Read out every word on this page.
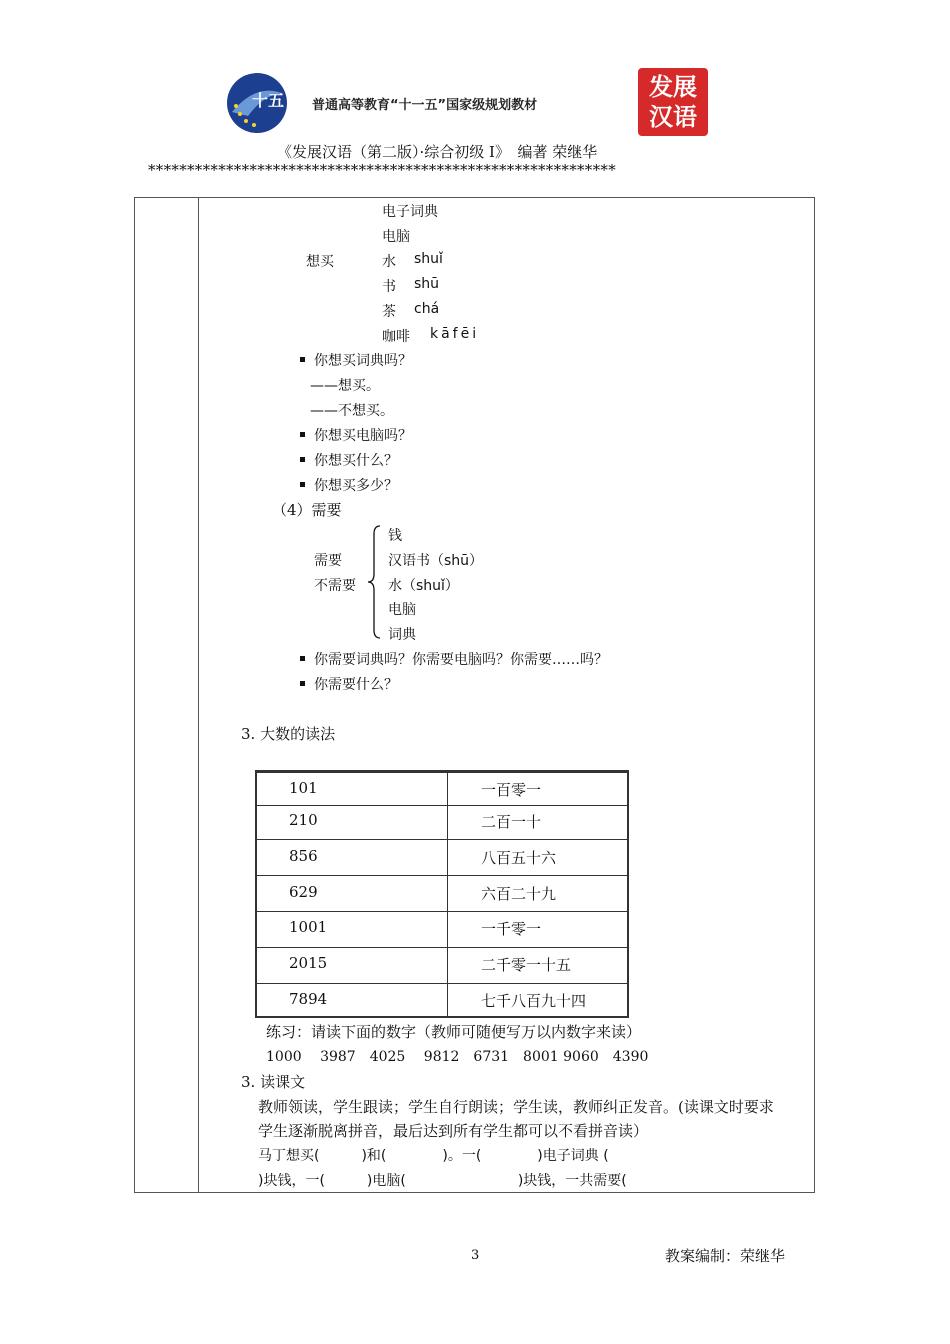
十五 普通高等教育“十一五”国家级规划教材
发展
汉语
《发展汉语（第二版）·综合初级 I》　编著 荣继华
************************************************************
电子词典
电脑
想买	水 shuǐ
书 shū
茶 chá
咖啡 kāfēi
你想买词典吗？
——想买。
——不想买。
你想买电脑吗？
你想买什么？
你想买多少？
（4）需要
钱
需要	汉语书（shū）
不需要 水（shuǐ）
电脑
词典
你需要词典吗？你需要电脑吗？你需要……吗？
你需要什么？
3. 大数的读法
101	一百零一
210	二百一十
856	八百五十六
629	六百二十九
1001	一千零一
2015	二千零一十五
7894	七千八百九十四
练习：请读下面的数字（教师可随便写万以内数字来读）
1000　 3987　4025　 9812　6731　8001 9060　4390
3. 读课文
教师领读，学生跟读；学生自行朗读；学生读，教师纠正发音。(读课文时要求
学生逐渐脱离拼音，最后达到所有学生都可以不看拼音读）
马丁想买(　　　)和(　　　　)。一(　　　　)电子词典 (
)块钱，一(　　　)电脑(　　　　　　　　)块钱，一共需要(
3	教案编制：荣继华
